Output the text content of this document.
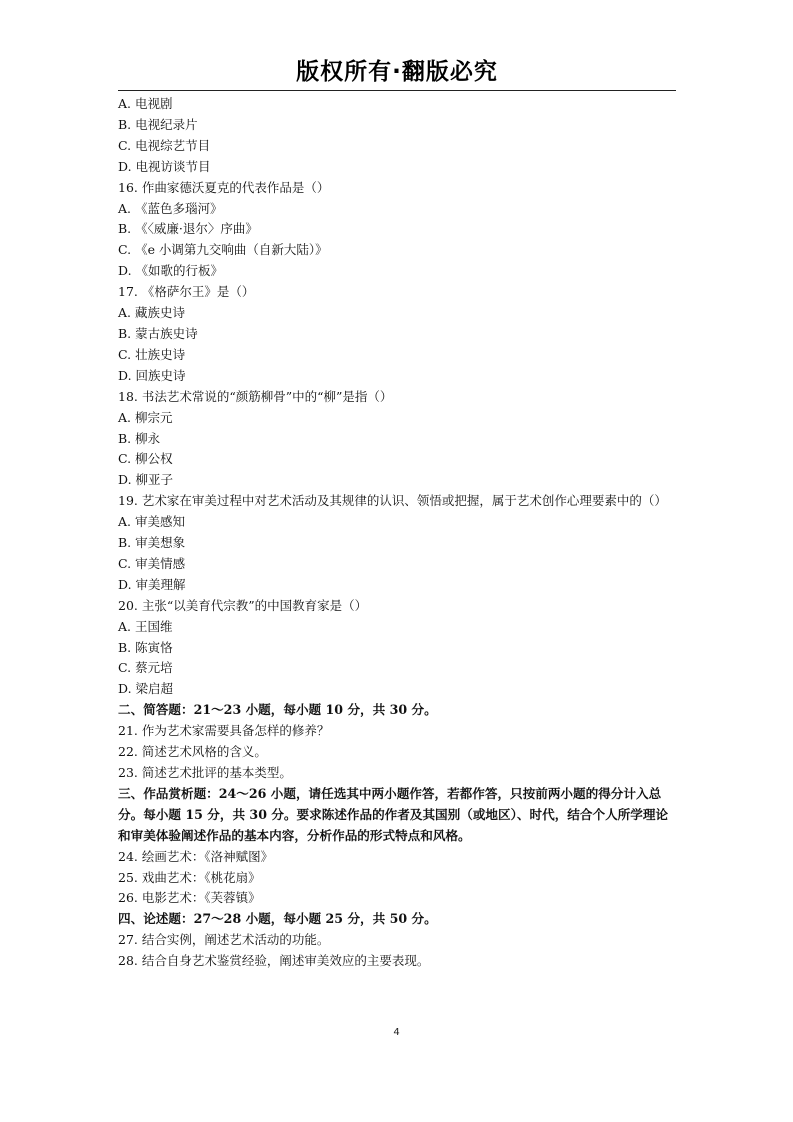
版权所有·翻版必究
A. 电视剧
B. 电视纪录片
C. 电视综艺节目
D. 电视访谈节目
16. 作曲家德沃夏克的代表作品是（）
A. 《蓝色多瑙河》
B. 《〈威廉·退尔〉序曲》
C. 《e 小调第九交响曲（自新大陆）》
D. 《如歌的行板》
17. 《格萨尔王》是（）
A. 藏族史诗
B. 蒙古族史诗
C. 壮族史诗
D. 回族史诗
18. 书法艺术常说的“颜筋柳骨”中的“柳”是指（）
A. 柳宗元
B. 柳永
C. 柳公权
D. 柳亚子
19. 艺术家在审美过程中对艺术活动及其规律的认识、领悟或把握，属于艺术创作心理要素中的（）
A. 审美感知
B. 审美想象
C. 审美情感
D. 审美理解
20. 主张“以美育代宗教”的中国教育家是（）
A. 王国维
B. 陈寅恪
C. 蔡元培
D. 梁启超
二、简答题：21～23 小题，每小题 10 分，共 30 分。
21. 作为艺术家需要具备怎样的修养？
22. 简述艺术风格的含义。
23. 简述艺术批评的基本类型。
三、作品赏析题：24～26 小题，请任选其中两小题作答，若都作答，只按前两小题的得分计入总分。每小题 15 分，共 30 分。要求陈述作品的作者及其国别（或地区）、时代，结合个人所学理论和审美体验阐述作品的基本内容，分析作品的形式特点和风格。
24. 绘画艺术：《洛神赋图》
25. 戏曲艺术：《桃花扇》
26. 电影艺术：《芙蓉镇》
四、论述题：27～28 小题，每小题 25 分，共 50 分。
27. 结合实例，阐述艺术活动的功能。
28. 结合自身艺术鉴赏经验，阐述审美效应的主要表现。
4
